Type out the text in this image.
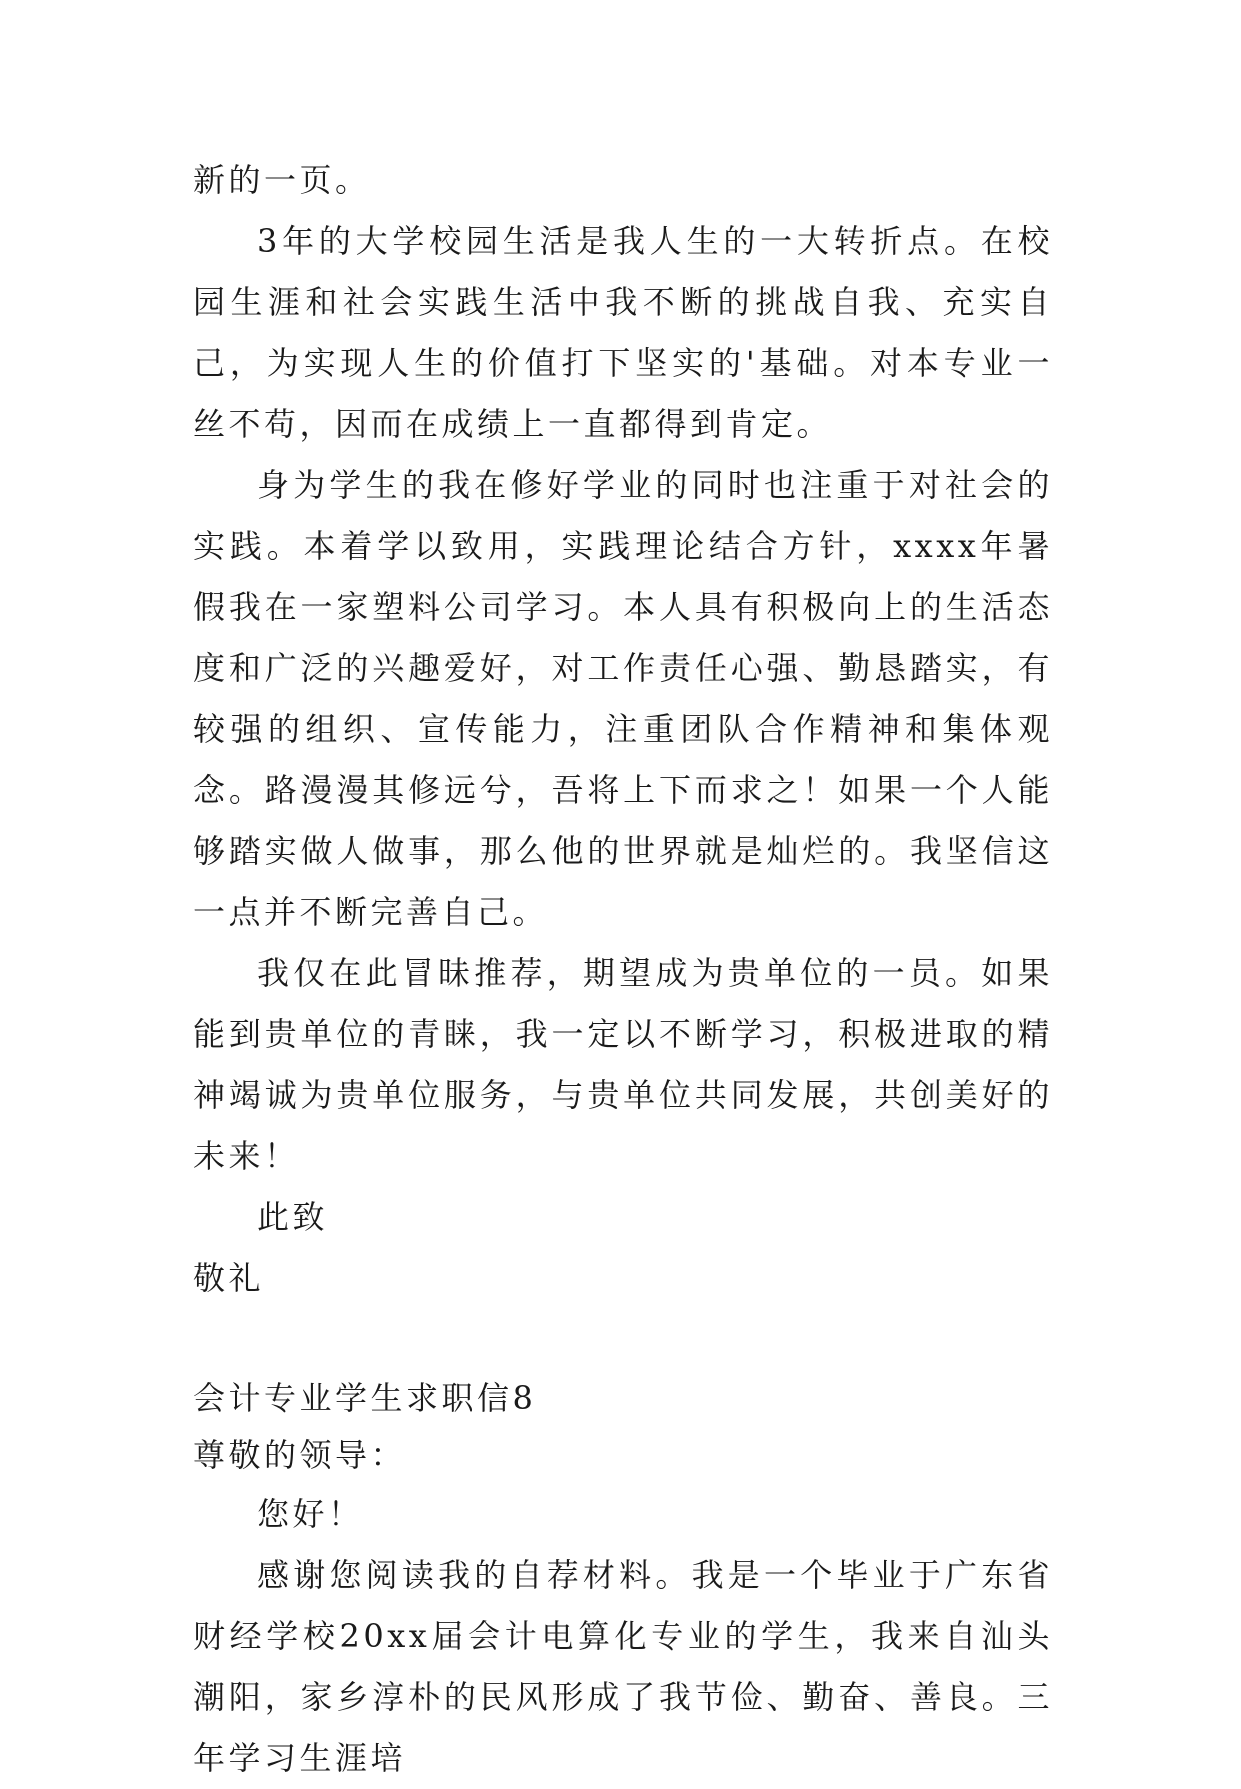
新的一页。

3年的大学校园生活是我人生的一大转折点。在校园生涯和社会实践生活中我不断的挑战自我、充实自己，为实现人生的价值打下坚实的'基础。对本专业一丝不苟，因而在成绩上一直都得到肯定。

身为学生的我在修好学业的同时也注重于对社会的实践。本着学以致用，实践理论结合方针，xxxx年暑假我在一家塑料公司学习。本人具有积极向上的生活态度和广泛的兴趣爱好，对工作责任心强、勤恳踏实，有较强的组织、宣传能力，注重团队合作精神和集体观念。路漫漫其修远兮，吾将上下而求之！如果一个人能够踏实做人做事，那么他的世界就是灿烂的。我坚信这一点并不断完善自己。

我仅在此冒昧推荐，期望成为贵单位的一员。如果能到贵单位的青睐，我一定以不断学习，积极进取的精神竭诚为贵单位服务，与贵单位共同发展，共创美好的未来！

此致

敬礼

会计专业学生求职信8

尊敬的领导：

您好！

感谢您阅读我的自荐材料。我是一个毕业于广东省财经学校20xx届会计电算化专业的学生，我来自汕头潮阳，家乡淳朴的民风形成了我节俭、勤奋、善良。三年学习生涯培
